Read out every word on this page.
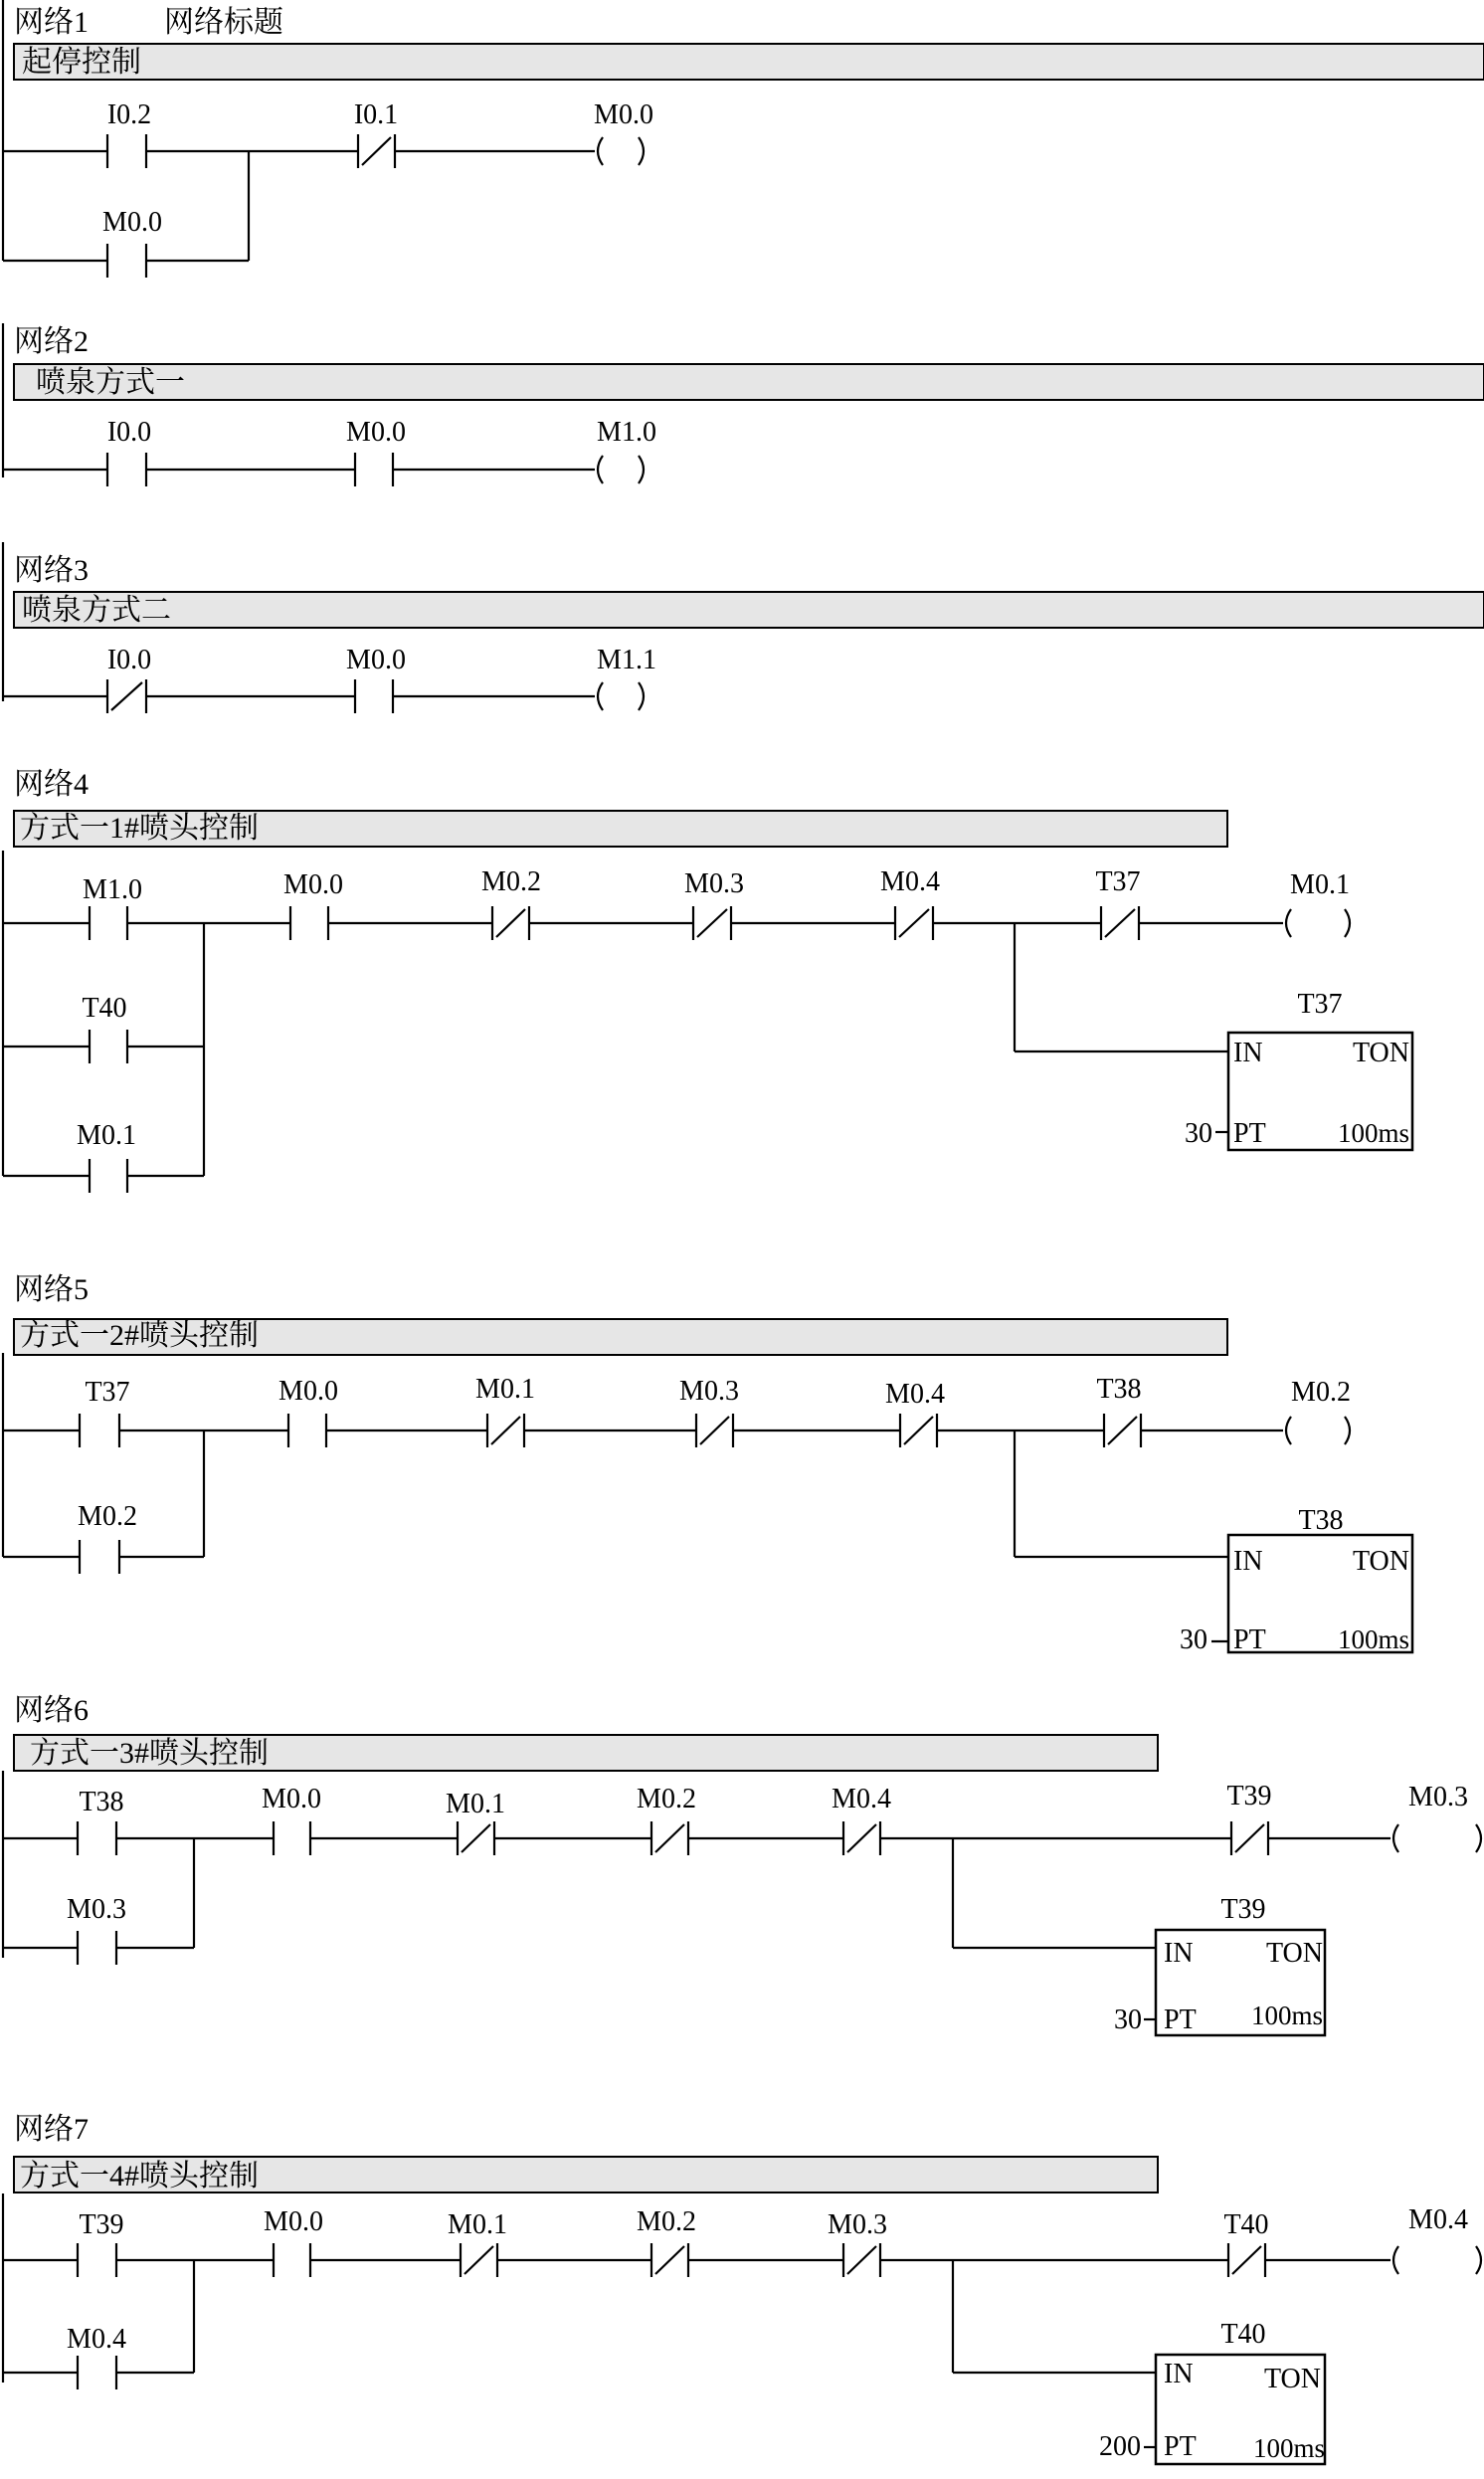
网络1	网络标题
起停控制
I0.2
M0.0
I0.1	M0.0
网络2
喷泉方式一
I0.0	M0.0	M1.0
网络3
喷泉方式二
I0.0	M0.0	M1.1
网络4
方式一1#喷头控制
M1.0
T40
M0.1
M0.0	M0.2	M0.3	M0.4	T37	M0.1
T37
IN	TON
PT	100ms
30
网络5
方式一2#喷头控制
T37
M0.2
M0.0	M0.1	M0.3	M0.4	T38	M0.2
T38
IN	TON
PT	100ms
30
网络6
方式一3#喷头控制
T38
M0.3
M0.0	M0.1	M0.2	M0.4	T39	M0.3
T39
IN	TON
PT 100ms
30
网络7
方式一4#喷头控制
T39
M0.4
M0.0	M0.1	M0.2	M0.3	T40	M0.4
T40
IN	TON
PT 100ms
200
